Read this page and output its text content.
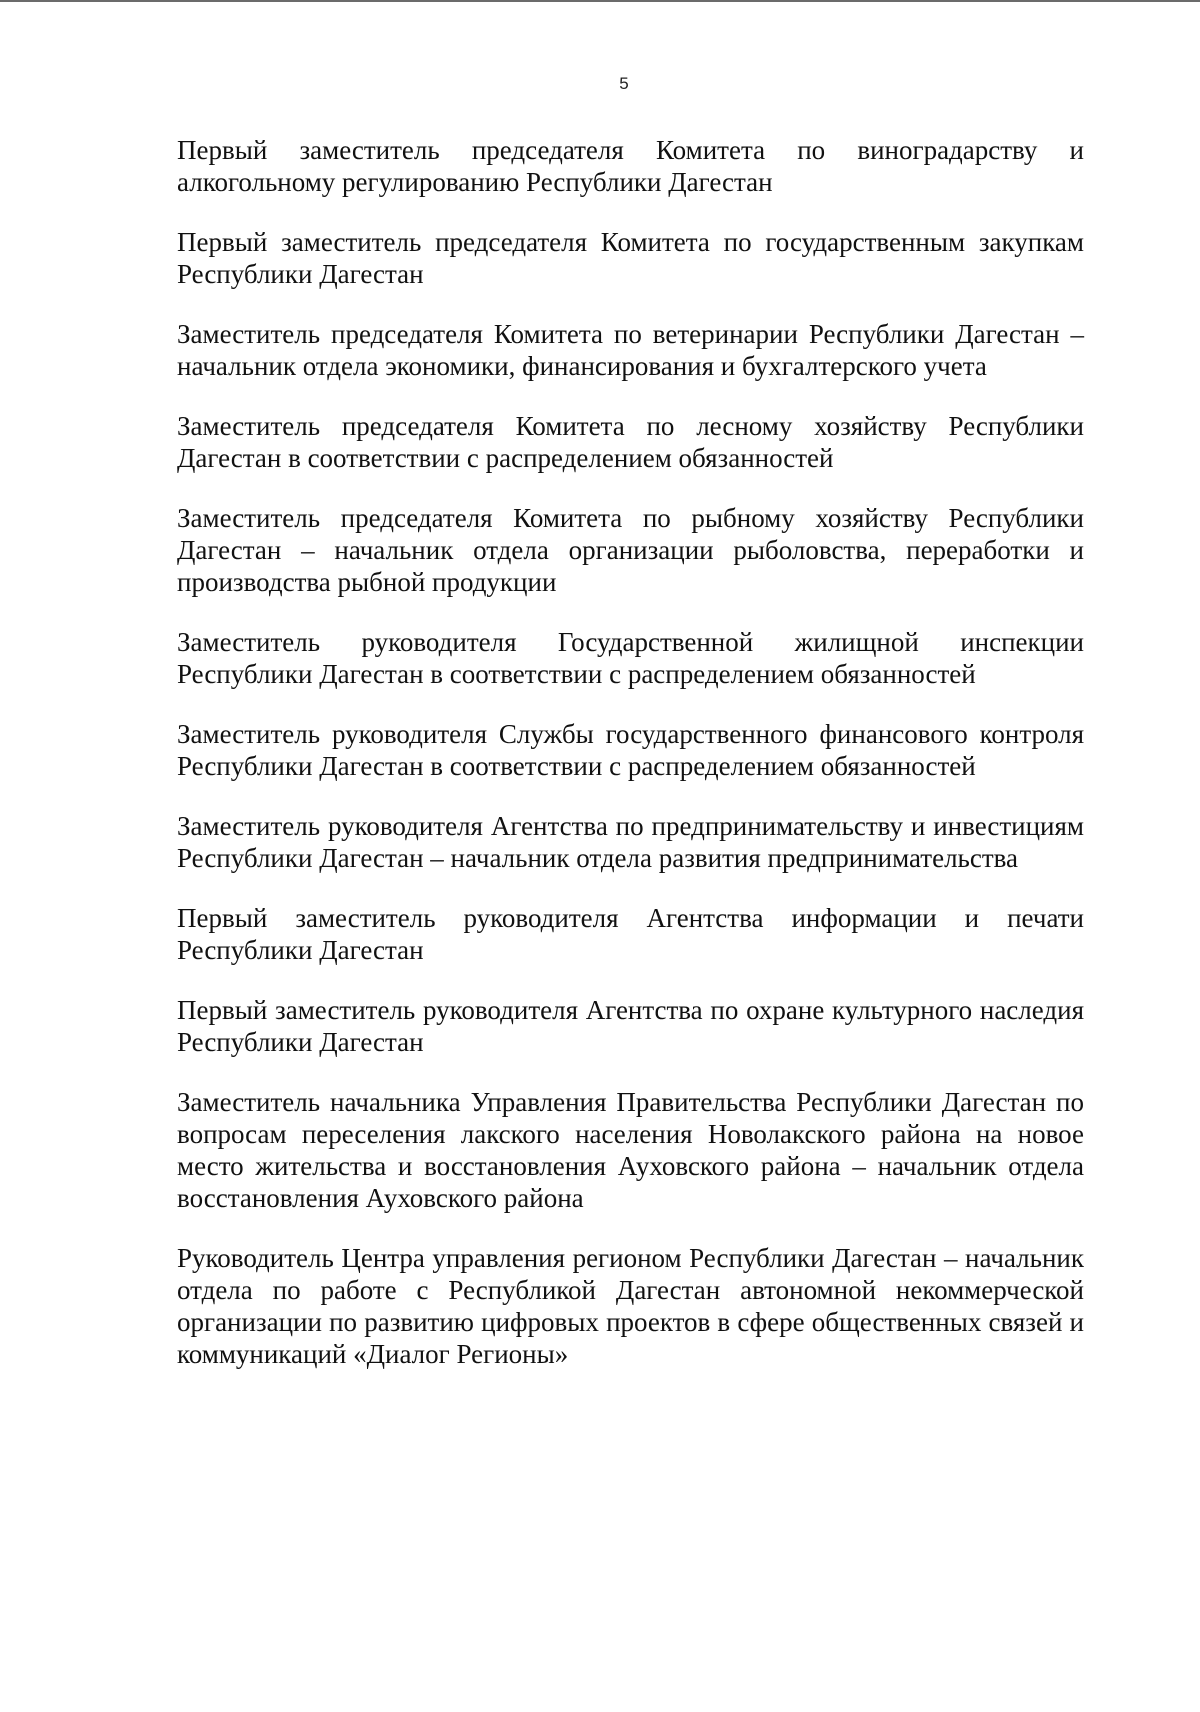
5

Первый заместитель председателя Комитета по виноградарству и алкогольному регулированию Республики Дагестан

Первый заместитель председателя Комитета по государственным закупкам Республики Дагестан

Заместитель председателя Комитета по ветеринарии Республики Дагестан – начальник отдела экономики, финансирования и бухгалтерского учета

Заместитель председателя Комитета по лесному хозяйству Республики Дагестан в соответствии с распределением обязанностей

Заместитель председателя Комитета по рыбному хозяйству Республики Дагестан – начальник отдела организации рыболовства, переработки и производства рыбной продукции

Заместитель руководителя Государственной жилищной инспекции Республики Дагестан в соответствии с распределением обязанностей

Заместитель руководителя Службы государственного финансового контроля Республики Дагестан в соответствии с распределением обязанностей

Заместитель руководителя Агентства по предпринимательству и инвестициям Республики Дагестан – начальник отдела развития предпринимательства

Первый заместитель руководителя Агентства информации и печати Республики Дагестан

Первый заместитель руководителя Агентства по охране культурного наследия Республики Дагестан

Заместитель начальника Управления Правительства Республики Дагестан по вопросам переселения лакского населения Новолакского района на новое место жительства и восстановления Ауховского района – начальник отдела восстановления Ауховского района

Руководитель Центра управления регионом Республики Дагестан – начальник отдела по работе с Республикой Дагестан автономной некоммерческой организации по развитию цифровых проектов в сфере общественных связей и коммуникаций «Диалог Регионы»
